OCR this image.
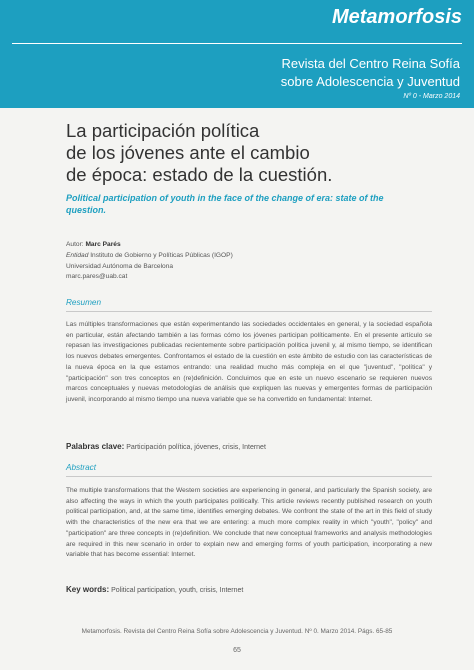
Metamorfosis
Revista del Centro Reina Sofía
sobre Adolescencia y Juventud
Nº 0 - Marzo 2014
La participación política
de los jóvenes ante el cambio
de época: estado de la cuestión.
Political participation of youth in the face of the change of era: state of the question.
Autor: Marc Parés
Entidad Instituto de Gobierno y Políticas Públicas (IGOP)
Universidad Autónoma de Barcelona
marc.pares@uab.cat
Resumen
Las múltiples transformaciones que están experimentando las sociedades occidentales en general, y la sociedad española en particular, están afectando también a las formas cómo los jóvenes participan políticamente. En el presente artículo se repasan las investigaciones publicadas recientemente sobre participación política juvenil y, al mismo tiempo, se identifican los nuevos debates emergentes. Confrontamos el estado de la cuestión en este ámbito de estudio con las características de la nueva época en la que estamos entrando: una realidad mucho más compleja en el que "juventud", "política" y "participación" son tres conceptos en (re)definición. Concluimos que en este un nuevo escenario se requieren nuevos marcos conceptuales y nuevas metodologías de análisis que expliquen las nuevas y emergentes formas de participación juvenil, incorporando al mismo tiempo una nueva variable que se ha convertido en fundamental: Internet.
Palabras clave: Participación política, jóvenes, crisis, Internet
Abstract
The multiple transformations that the Western societies are experiencing in general, and particularly the Spanish society, are also affecting the ways in which the youth participates politically. This article reviews recently published research on youth political participation, and, at the same time, identifies emerging debates. We confront the state of the art in this field of study with the characteristics of the new era that we are entering: a much more complex reality in which "youth", "policy" and "participation" are three concepts in (re)definition. We conclude that new conceptual frameworks and analysis methodologies are required in this new scenario in order to explain new and emerging forms of youth participation, incorporating a new variable that has become essential: Internet.
Key words: Political participation, youth, crisis, Internet
Metamorfosis. Revista del Centro Reina Sofía sobre Adolescencia y Juventud. Nº 0. Marzo 2014. Págs. 65-85
65
